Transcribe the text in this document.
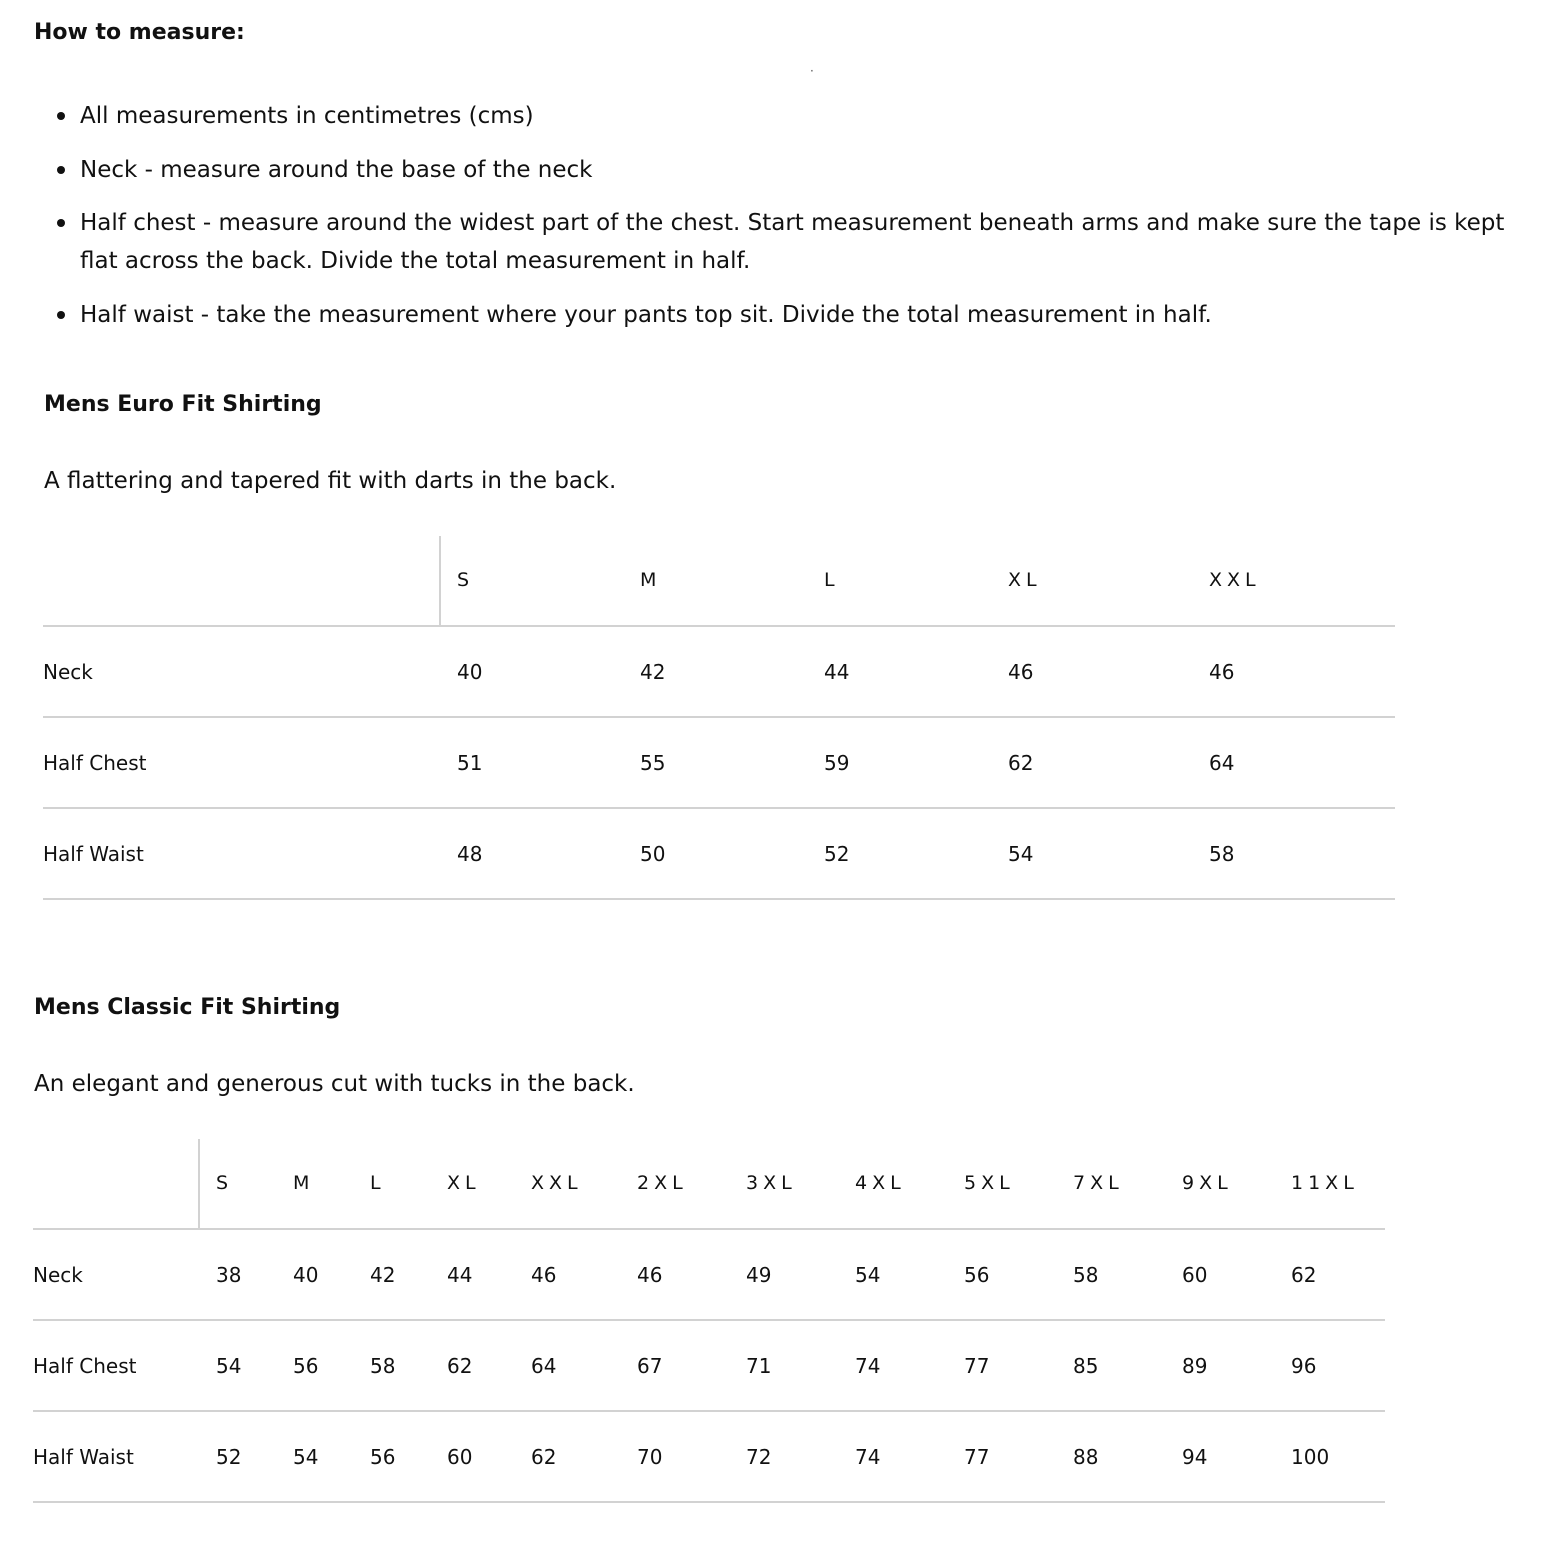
How to measure:
·
All measurements in centimetres (cms)
Neck - measure around the base of the neck
Half chest - measure around the widest part of the chest. Start measurement beneath arms and make sure the tape is kept flat across the back. Divide the total measurement in half.
Half waist - take the measurement where your pants top sit. Divide the total measurement in half.
Mens Euro Fit Shirting

A flattering and tapered fit with darts in the back.

S	M	L	XL	XXL
Neck	40	42	44	46	46
Half Chest	51	55	59	62	64
Half Waist	48	50	52	54	58
Mens Classic Fit Shirting

An elegant and generous cut with tucks in the back.

S	M	L	XL	XXL	2XL	3XL	4XL	5XL	7XL	9XL	11XL
Neck	38	40	42	44	46	46	49	54	56	58	60	62
Half Chest	54	56	58	62	64	67	71	74	77	85	89	96
Half Waist	52	54	56	60	62	70	72	74	77	88	94	100
